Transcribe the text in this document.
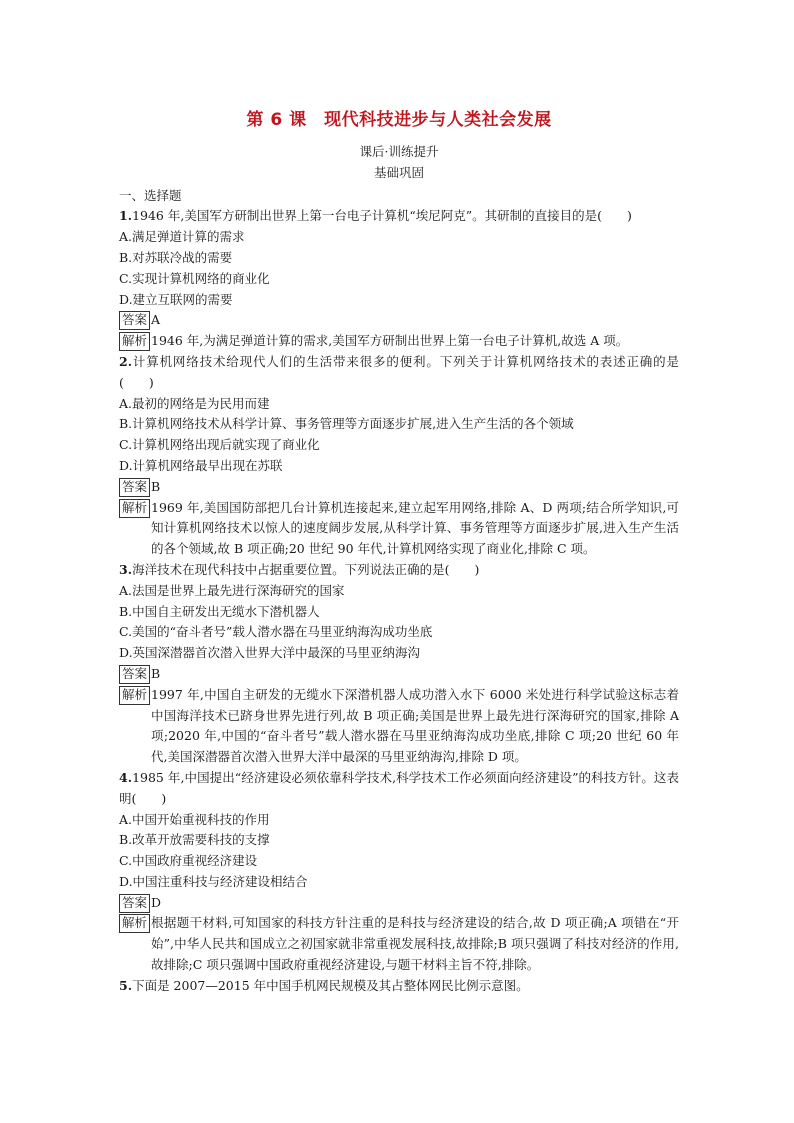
第 6 课　现代科技进步与人类社会发展
课后·训练提升
基础巩固
一、选择题
1.1946 年,美国军方研制出世界上第一台电子计算机“埃尼阿克”。其研制的直接目的是(　　)
A.满足弹道计算的需求
B.对苏联冷战的需要
C.实现计算机网络的商业化
D.建立互联网的需要
答案 A
解析 1946 年,为满足弹道计算的需求,美国军方研制出世界上第一台电子计算机,故选 A 项。
2.计算机网络技术给现代人们的生活带来很多的便利。下列关于计算机网络技术的表述正确的是(　　)
A.最初的网络是为民用而建
B.计算机网络技术从科学计算、事务管理等方面逐步扩展,进入生产生活的各个领域
C.计算机网络出现后就实现了商业化
D.计算机网络最早出现在苏联
答案 B
解析 1969 年,美国国防部把几台计算机连接起来,建立起军用网络,排除 A、D 两项;结合所学知识,可知计算机网络技术以惊人的速度阔步发展,从科学计算、事务管理等方面逐步扩展,进入生产生活的各个领域,故 B 项正确;20 世纪 90 年代,计算机网络实现了商业化,排除 C 项。
3.海洋技术在现代科技中占据重要位置。下列说法正确的是(　　)
A.法国是世界上最先进行深海研究的国家
B.中国自主研发出无缆水下潜机器人
C.美国的“奋斗者号”载人潜水器在马里亚纳海沟成功坐底
D.英国深潜器首次潜入世界大洋中最深的马里亚纳海沟
答案 B
解析 1997 年,中国自主研发的无缆水下深潜机器人成功潜入水下 6000 米处进行科学试验这标志着中国海洋技术已跻身世界先进行列,故 B 项正确;美国是世界上最先进行深海研究的国家,排除 A 项;2020 年,中国的“奋斗者号”载人潜水器在马里亚纳海沟成功坐底,排除 C 项;20 世纪 60 年代,美国深潜器首次潜入世界大洋中最深的马里亚纳海沟,排除 D 项。
4.1985 年,中国提出“经济建设必须依靠科学技术,科学技术工作必须面向经济建设”的科技方针。这表明(　　)
A.中国开始重视科技的作用
B.改革开放需要科技的支撑
C.中国政府重视经济建设
D.中国注重科技与经济建设相结合
答案 D
解析 根据题干材料,可知国家的科技方针注重的是科技与经济建设的结合,故 D 项正确;A 项错在“开始”,中华人民共和国成立之初国家就非常重视发展科技,故排除;B 项只强调了科技对经济的作用,故排除;C 项只强调中国政府重视经济建设,与题干材料主旨不符,排除。
5.下面是 2007—2015 年中国手机网民规模及其占整体网民比例示意图。
